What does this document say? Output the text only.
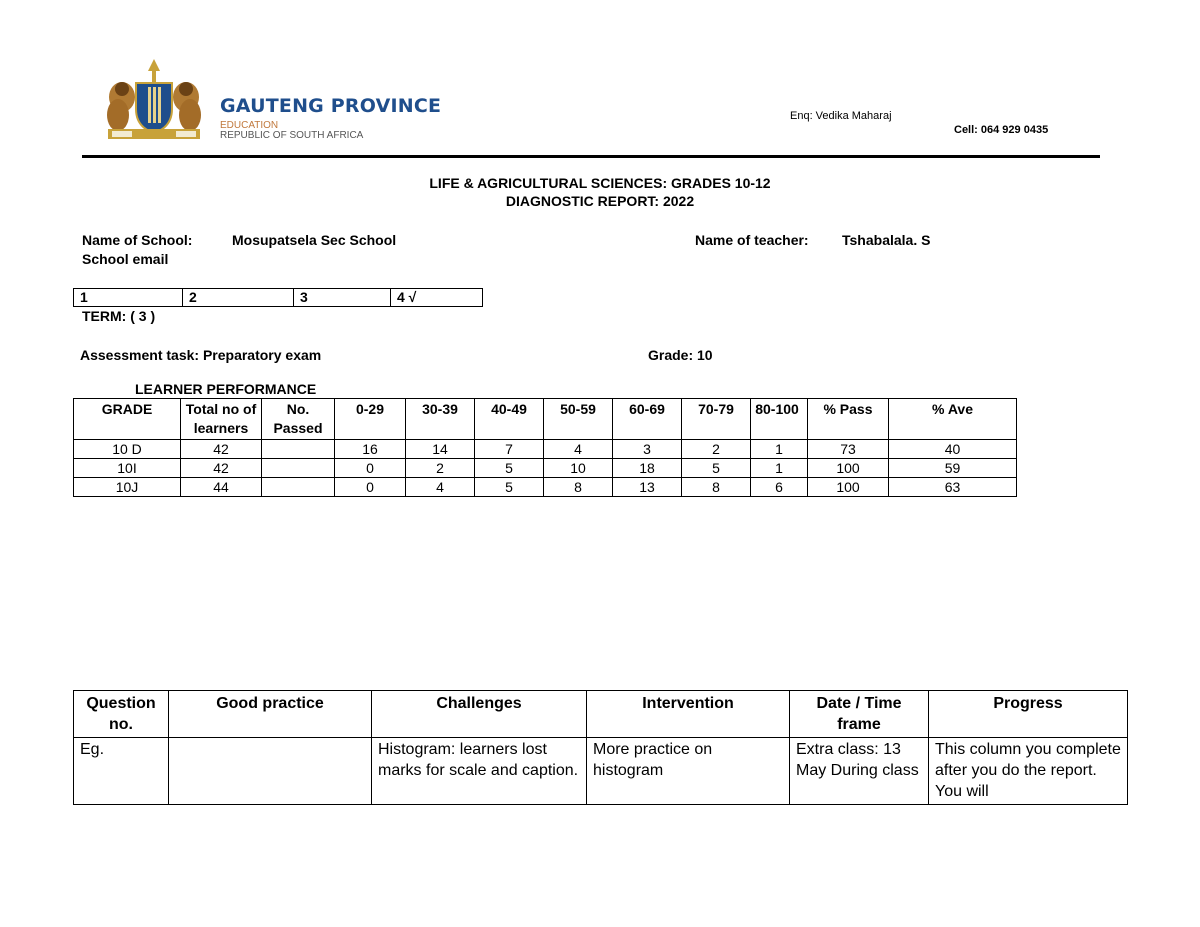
GAUTENG PROVINCE
EDUCATION
REPUBLIC OF SOUTH AFRICA
Enq: Vedika Maharaj
Cell: 064 929 0435
LIFE & AGRICULTURAL SCIENCES: GRADES 10-12
DIAGNOSTIC REPORT: 2022
Name of School:	Mosupatsela Sec School	Name of teacher: Tshabalala. S
School email
1	2	3	4 √
TERM: ( 3 )
Assessment task: Preparatory exam	Grade: 10
LEARNER PERFORMANCE
GRADE	Total no of learners	No. Passed	0-29	30-39	40-49	50-59	60-69	70-79	80-100	% Pass	% Ave
10 D	42		16	14	7	4	3	2	1	73	40
10I	42		0	2	5	10	18	5	1	100	59
10J	44		0	4	5	8	13	8	6	100	63
Question no.	Good practice	Challenges	Intervention	Date / Time frame	Progress
Eg.		Histogram: learners lost marks for scale and caption.	More practice on histogram	Extra class: 13 May During class	This column you complete after you do the report. You will
